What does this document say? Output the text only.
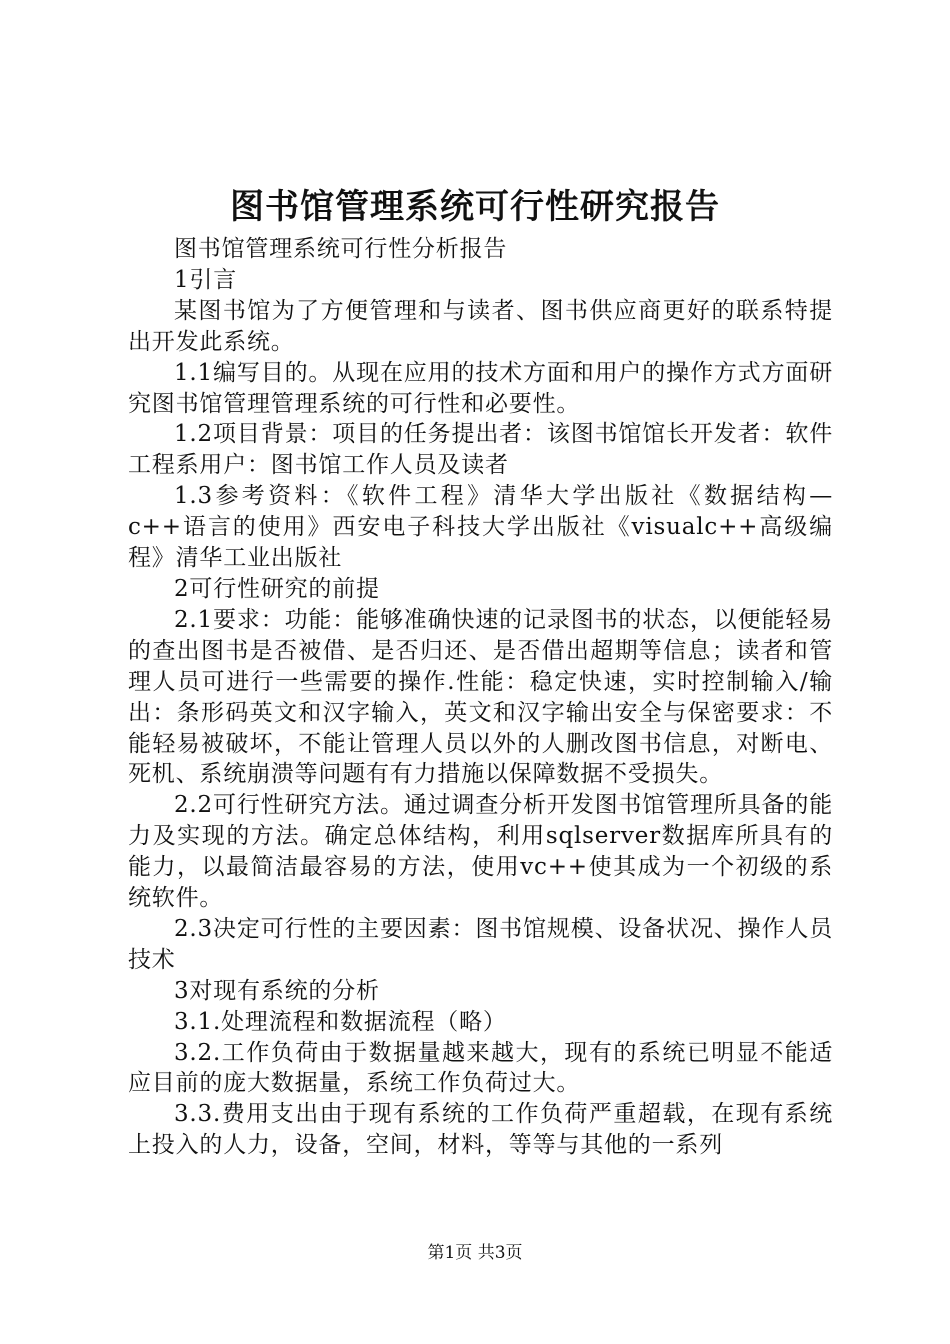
图书馆管理系统可行性研究报告

图书馆管理系统可行性分析报告

1引言

某图书馆为了方便管理和与读者、图书供应商更好的联系特提出开发此系统。

1.1编写目的。从现在应用的技术方面和用户的操作方式方面研究图书馆管理管理系统的可行性和必要性。

1.2项目背景：项目的任务提出者：该图书馆馆长开发者：软件工程系用户：图书馆工作人员及读者

1.3参考资料：《软件工程》清华大学出版社《数据结构—c++语言的使用》西安电子科技大学出版社《visualc++高级编程》清华工业出版社

2可行性研究的前提

2.1要求：功能：能够准确快速的记录图书的状态，以便能轻易的查出图书是否被借、是否归还、是否借出超期等信息；读者和管理人员可进行一些需要的操作.性能：稳定快速，实时控制输入/输出：条形码英文和汉字输入，英文和汉字输出安全与保密要求：不能轻易被破坏，不能让管理人员以外的人删改图书信息，对断电、死机、系统崩溃等问题有有力措施以保障数据不受损失。

2.2可行性研究方法。通过调查分析开发图书馆管理所具备的能力及实现的方法。确定总体结构，利用sqlserver数据库所具有的能力，以最简洁最容易的方法，使用vc++使其成为一个初级的系统软件。

2.3决定可行性的主要因素：图书馆规模、设备状况、操作人员技术

3对现有系统的分析

3.1.处理流程和数据流程（略）

3.2.工作负荷由于数据量越来越大，现有的系统已明显不能适应目前的庞大数据量，系统工作负荷过大。

3.3.费用支出由于现有系统的工作负荷严重超载，在现有系统上投入的人力，设备，空间，材料，等等与其他的一系列

第1页 共3页
